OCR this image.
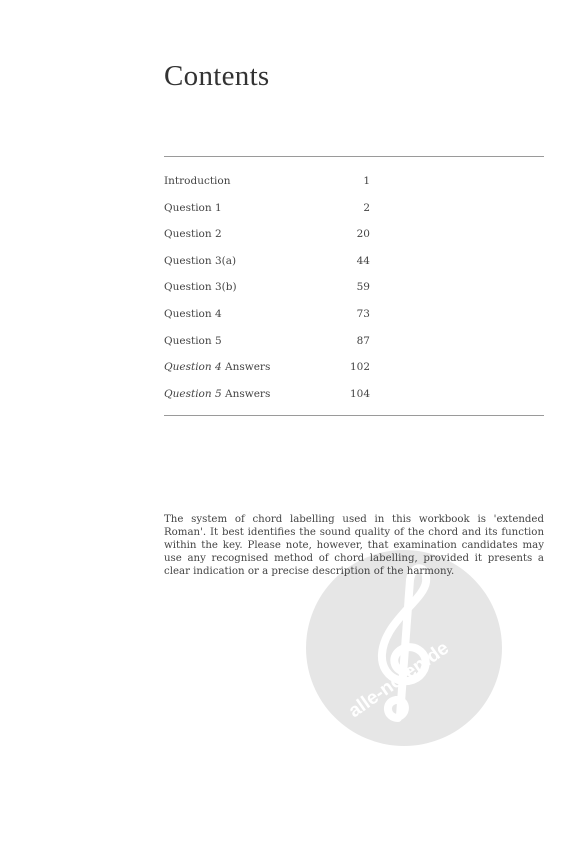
Contents
Introduction	1
Question 1	2
Question 2	20
Question 3(a)	44
Question 3(b)	59
Question 4	73
Question 5	87
Question 4 Answers	102
Question 5 Answers	104
alle-noten.de

The system of chord labelling used in this workbook is 'extended Roman'. It best identifies the sound quality of the chord and its function within the key. Please note, however, that examination candidates may use any recognised method of chord labelling, provided it presents a clear indication or a precise description of the harmony.
